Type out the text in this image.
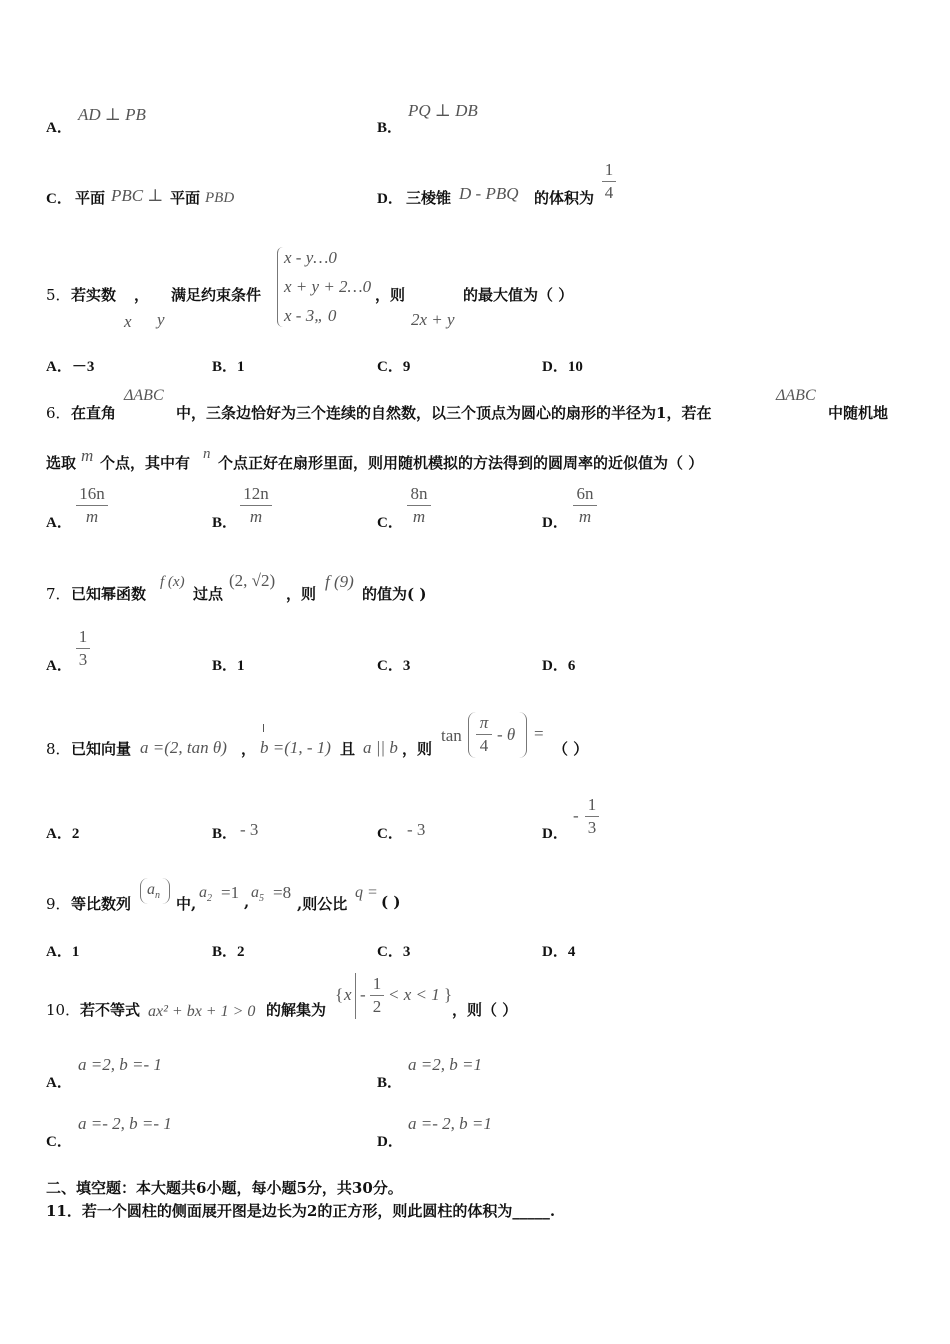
A．
AD ⊥ PB
B．
PQ ⊥ DB
C． 平面 PBC ⊥ 平面 PBD	D． 三棱锥 D - PBQ 的体积为
1
4
5． 若实数 ， 满足约束条件
x y
x - y…0
x + y + 2…0
x - 3„ 0
，则
2x + y
的最大值为（ ）
A．－3	B．1	C．9	D．10
6． 在直角
ΔABC
中，三条边恰好为三个连续的自然数，以三个顶点为圆心的扇形的半径为1，若在
ΔABC
中随机地
选取 m 个点，其中有 n 个点正好在扇形里面，则用随机模拟的方法得到的圆周率的近似值为（ ）
A．
16n
m	B．
12n
m	C．
8n
m	D．
6n
m
7． 已知幂函数
f (x)
过点
(2, √2)
，则
f (9)
的值为( )
A．
1
3	B．1	C．3	D．6
8． 已知向量 a =(2, tan θ) ， b =(1, - 1) 且 a || b ，则
tan
π
4
- θ =
（ ）
A．2	B． - 3	C． - 3	D．
-
1
3
9． 等比数列
$a_n$ 中,
$a_2 =1$ ,
$a_5 =8$
,则公比
q =
( )
A．1	B．2	C．3	D．4
10． 若不等式 ax² + bx + 1 > 0 的解集为
{ x -
1
2
< x < 1 }
，则（ ）
A．
a =2, b =- 1
B．
a =2, b =1
C．
a =- 2, b =- 1
D．
a =- 2, b =1
二、填空题：本大题共6小题，每小题5分，共30分。
11．若一个圆柱的侧面展开图是边长为2的正方形，则此圆柱的体积为_____.
